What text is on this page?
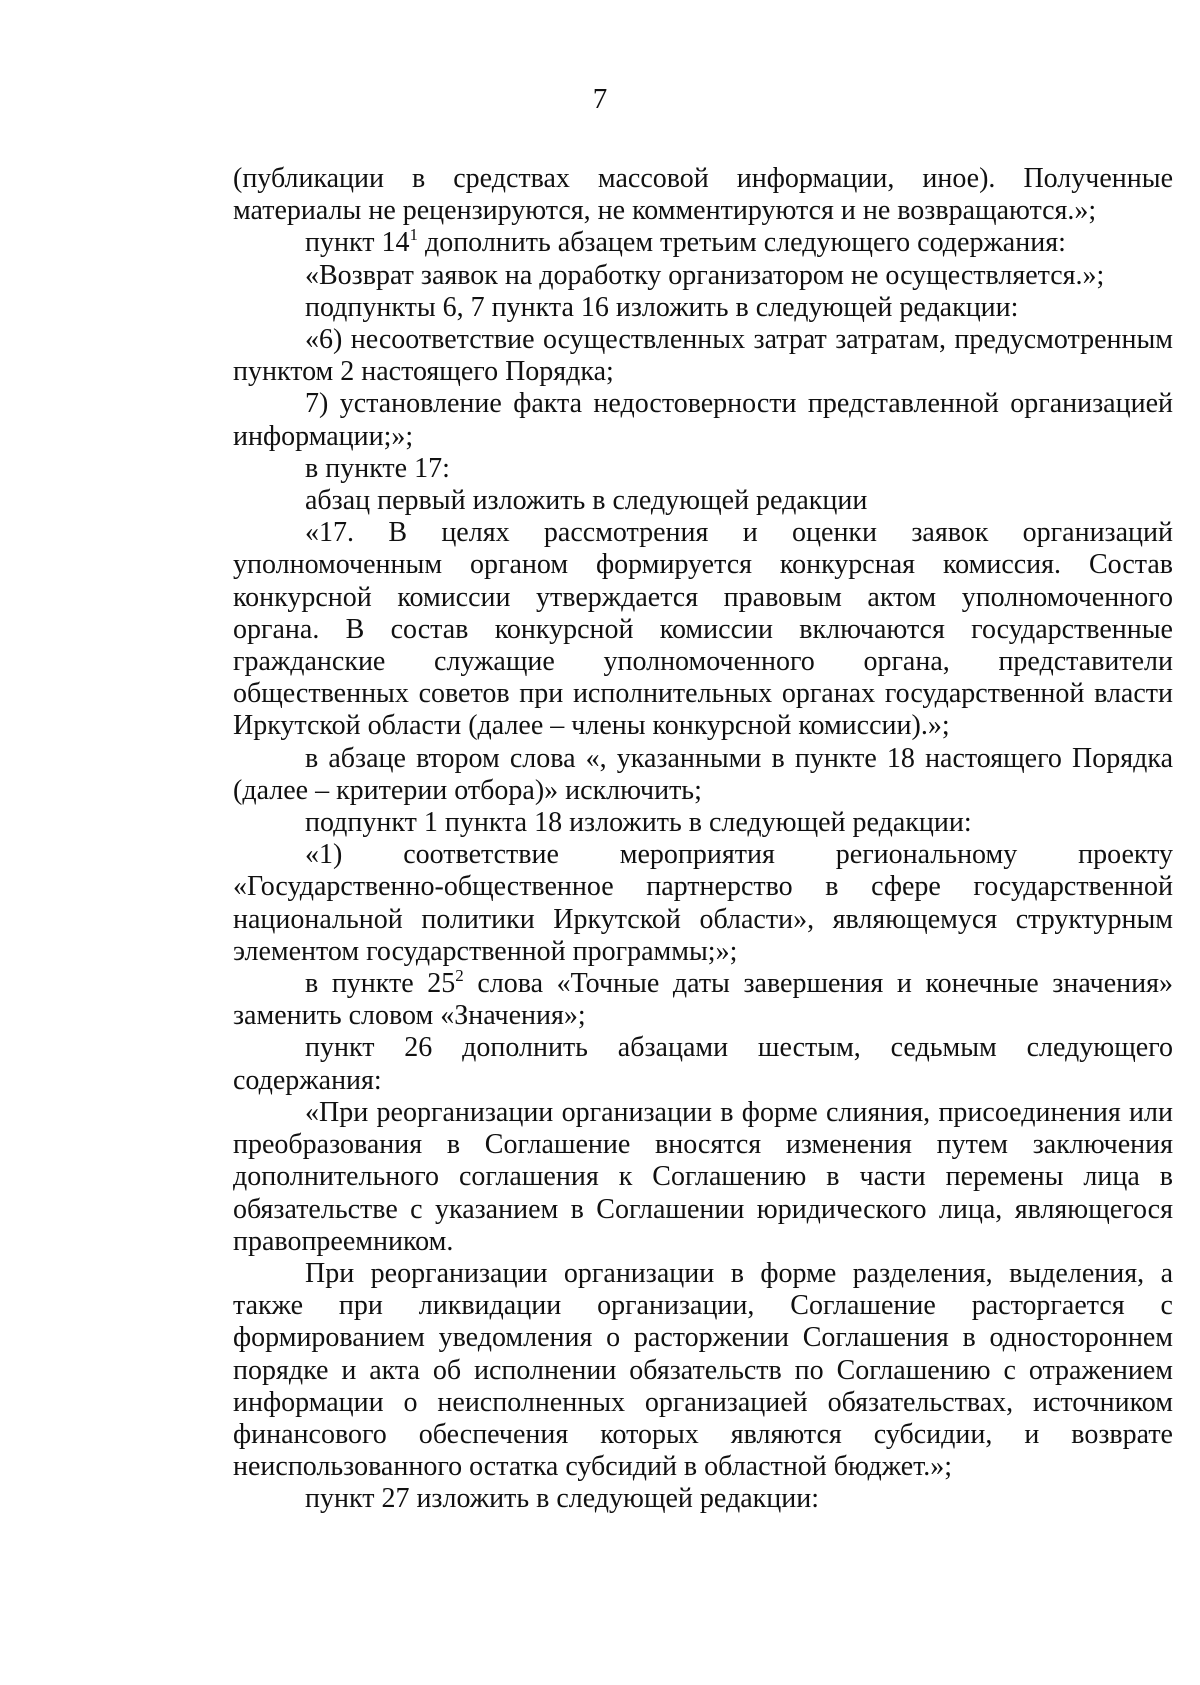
7

(публикации в средствах массовой информации, иное). Полученные материалы не рецензируются, не комментируются и не возвращаются.»;

пункт $14^1$ дополнить абзацем третьим следующего содержания:

«Возврат заявок на доработку организатором не осуществляется.»;

подпункты 6, 7 пункта 16 изложить в следующей редакции:

«6) несоответствие осуществленных затрат затратам, предусмотренным пунктом 2 настоящего Порядка;

7) установление факта недостоверности представленной организацией информации;»;

в пункте 17:

абзац первый изложить в следующей редакции

«17. В целях рассмотрения и оценки заявок организаций уполномоченным органом формируется конкурсная комиссия. Состав конкурсной комиссии утверждается правовым актом уполномоченного органа. В состав конкурсной комиссии включаются государственные гражданские служащие уполномоченного органа, представители общественных советов при исполнительных органах государственной власти Иркутской области (далее – члены конкурсной комиссии).»;

в абзаце втором слова «, указанными в пункте 18 настоящего Порядка (далее – критерии отбора)» исключить;

подпункт 1 пункта 18 изложить в следующей редакции:

«1) соответствие мероприятия региональному проекту «Государственно-общественное партнерство в сфере государственной национальной политики Иркутской области», являющемуся структурным элементом государственной программы;»;

в пункте $25^2$ слова «Точные даты завершения и конечные значения» заменить словом «Значения»;

пункт 26 дополнить абзацами шестым, седьмым следующего содержания:

«При реорганизации организации в форме слияния, присоединения или преобразования в Соглашение вносятся изменения путем заключения дополнительного соглашения к Соглашению в части перемены лица в обязательстве с указанием в Соглашении юридического лица, являющегося правопреемником.

При реорганизации организации в форме разделения, выделения, а также при ликвидации организации, Соглашение расторгается с формированием уведомления о расторжении Соглашения в одностороннем порядке и акта об исполнении обязательств по Соглашению с отражением информации о неисполненных организацией обязательствах, источником финансового обеспечения которых являются субсидии, и возврате неиспользованного остатка субсидий в областной бюджет.»;

пункт 27 изложить в следующей редакции:
